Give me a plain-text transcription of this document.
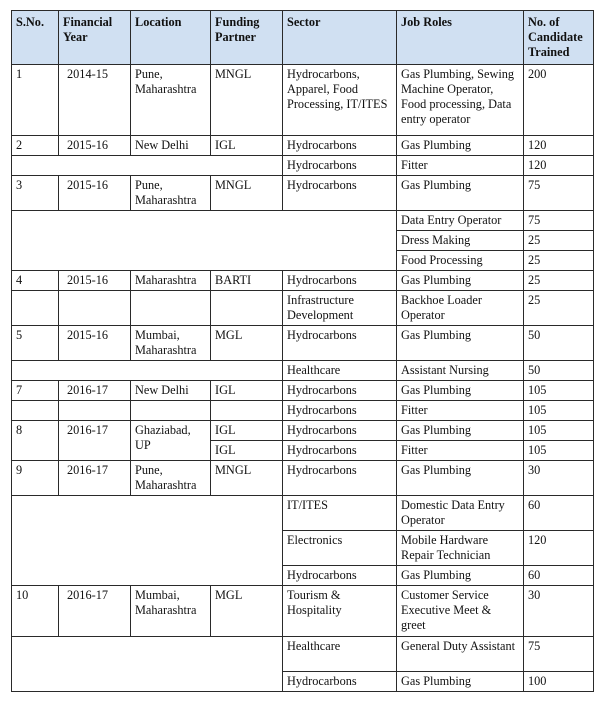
S.No.	Financial Year	Location	Funding Partner	Sector	Job Roles	No. of Candidate Trained
1	2014-15	Pune, Maharashtra	MNGL	Hydrocarbons, Apparel, Food Processing, IT/ITES	Gas Plumbing, Sewing Machine Operator, Food processing, Data entry operator	200
2	2015-16	New Delhi	IGL	Hydrocarbons	Gas Plumbing	120
				Hydrocarbons	Fitter	120
3	2015-16	Pune, Maharashtra	MNGL	Hydrocarbons	Gas Plumbing	75
					Data Entry Operator	75
					Dress Making	25
					Food Processing	25
4	2015-16	Maharashtra	BARTI	Hydrocarbons	Gas Plumbing	25
				Infrastructure Development	Backhoe Loader Operator	25
5	2015-16	Mumbai, Maharashtra	MGL	Hydrocarbons	Gas Plumbing	50
				Healthcare	Assistant Nursing	50
7	2016-17	New Delhi	IGL	Hydrocarbons	Gas Plumbing	105
				Hydrocarbons	Fitter	105
8	2016-17	Ghaziabad, UP	IGL	Hydrocarbons	Gas Plumbing	105
			IGL	Hydrocarbons	Fitter	105
9	2016-17	Pune, Maharashtra	MNGL	Hydrocarbons	Gas Plumbing	30
				IT/ITES	Domestic Data Entry Operator	60
				Electronics	Mobile Hardware Repair Technician	120
				Hydrocarbons	Gas Plumbing	60
10	2016-17	Mumbai, Maharashtra	MGL	Tourism & Hospitality	Customer Service Executive Meet & greet	30
				Healthcare	General Duty Assistant	75
				Hydrocarbons	Gas Plumbing	100
